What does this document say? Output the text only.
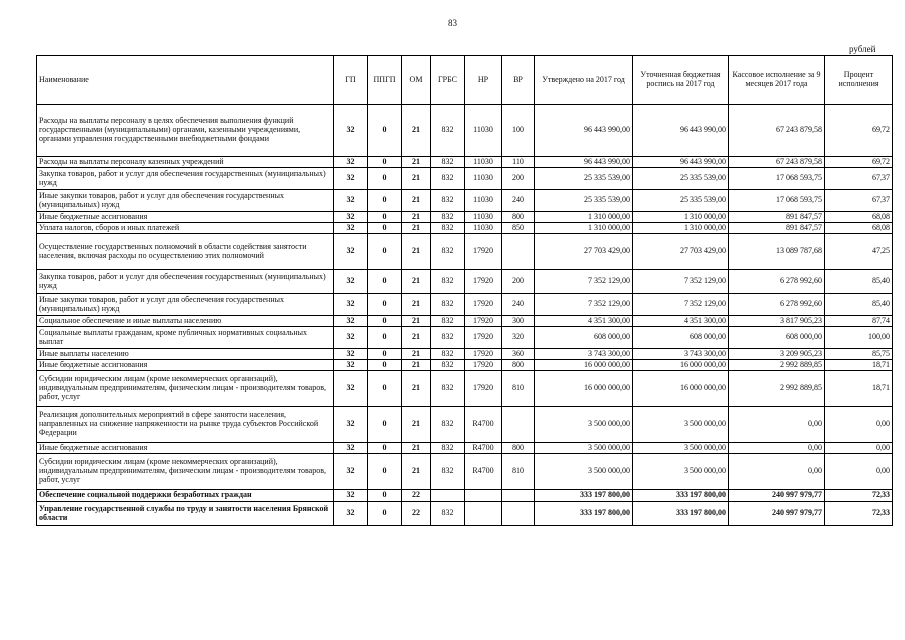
83
рублей
Наименование	ГП	ППГП	ОМ	ГРБС	НР	ВР	Утверждено на 2017 год	Уточненная бюджетная роспись на 2017 год	Кассовое исполнение за 9 месяцев 2017 года	Процент исполнения
Расходы на выплаты персоналу в целях обеспечения выполнения функций государственными (муниципальными) органами, казенными учреждениями, органами управления государственными внебюджетными фондами	32	0	21	832	11030	100	96 443 990,00	96 443 990,00	67 243 879,58	69,72
Расходы на выплаты персоналу казенных учреждений	32	0	21	832	11030	110	96 443 990,00	96 443 990,00	67 243 879,58	69,72
Закупка товаров, работ и услуг для обеспечения государственных (муниципальных) нужд	32	0	21	832	11030	200	25 335 539,00	25 335 539,00	17 068 593,75	67,37
Иные закупки товаров, работ и услуг для обеспечения государственных (муниципальных) нужд	32	0	21	832	11030	240	25 335 539,00	25 335 539,00	17 068 593,75	67,37
Иные бюджетные ассигнования	32	0	21	832	11030	800	1 310 000,00	1 310 000,00	891 847,57	68,08
Уплата налогов, сборов и иных платежей	32	0	21	832	11030	850	1 310 000,00	1 310 000,00	891 847,57	68,08
Осуществление государственных полномочий в области содействия занятости населения, включая расходы по осуществлению этих полномочий	32	0	21	832	17920		27 703 429,00	27 703 429,00	13 089 787,68	47,25
Закупка товаров, работ и услуг для обеспечения государственных (муниципальных) нужд	32	0	21	832	17920	200	7 352 129,00	7 352 129,00	6 278 992,60	85,40
Иные закупки товаров, работ и услуг для обеспечения государственных (муниципальных) нужд	32	0	21	832	17920	240	7 352 129,00	7 352 129,00	6 278 992,60	85,40
Социальное обеспечение и иные выплаты населению	32	0	21	832	17920	300	4 351 300,00	4 351 300,00	3 817 905,23	87,74
Социальные выплаты гражданам, кроме публичных нормативных социальных выплат	32	0	21	832	17920	320	608 000,00	608 000,00	608 000,00	100,00
Иные выплаты населению	32	0	21	832	17920	360	3 743 300,00	3 743 300,00	3 209 905,23	85,75
Иные бюджетные ассигнования	32	0	21	832	17920	800	16 000 000,00	16 000 000,00	2 992 889,85	18,71
Субсидии юридическим лицам (кроме некоммерческих организаций), индивидуальным предпринимателям, физическим лицам - производителям товаров, работ, услуг	32	0	21	832	17920	810	16 000 000,00	16 000 000,00	2 992 889,85	18,71
Реализация дополнительных мероприятий в сфере занятости населения, направленных на снижение напряженности на рынке труда субъектов Российской Федерации	32	0	21	832	R4700		3 500 000,00	3 500 000,00	0,00	0,00
Иные бюджетные ассигнования	32	0	21	832	R4700	800	3 500 000,00	3 500 000,00	0,00	0,00
Субсидии юридическим лицам (кроме некоммерческих организаций), индивидуальным предпринимателям, физическим лицам - производителям товаров, работ, услуг	32	0	21	832	R4700	810	3 500 000,00	3 500 000,00	0,00	0,00
Обеспечение социальной поддержки безработных граждан	32	0	22				333 197 800,00	333 197 800,00	240 997 979,77	72,33
Управление государственной службы по труду и занятости населения Брянской области	32	0	22	832			333 197 800,00	333 197 800,00	240 997 979,77	72,33
